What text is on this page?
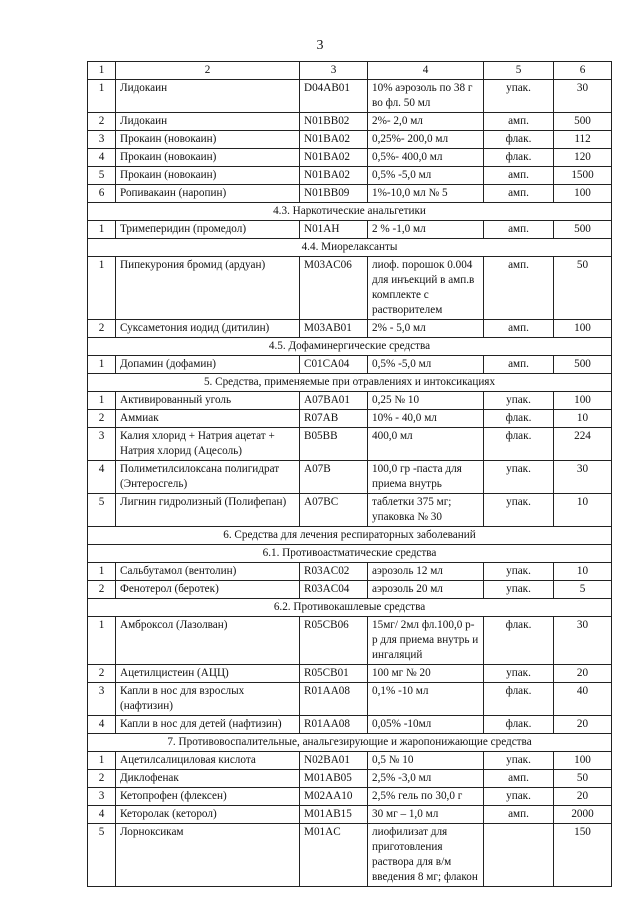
3
1	2	3	4	5	6
1	Лидокаин	D04AB01	10% аэрозоль по 38 г во фл. 50 мл	упак.	30
2	Лидокаин	N01BB02	2%- 2,0 мл	амп.	500
3	Прокаин (новокаин)	N01BA02	0,25%- 200,0 мл	флак.	112
4	Прокаин (новокаин)	N01BA02	0,5%- 400,0 мл	флак.	120
5	Прокаин (новокаин)	N01BA02	0,5% -5,0 мл	амп.	1500
6	Ропивакаин (наропин)	N01BB09	1%-10,0 мл № 5	амп.	100
4.3. Наркотические анальгетики					
1	Тримеперидин (промедол)	N01AH	2 % -1,0 мл	амп.	500
4.4. Миорелаксанты					
1	Пипекурония бромид (ардуан)	M03AC06	лиоф. порошок 0.004 для инъекций в амп.в комплекте с растворителем	амп.	50
2	Суксаметония иодид (дитилин)	M03AB01	2% - 5,0 мл	амп.	100
4.5. Дофаминергические средства					
1	Допамин (дофамин)	C01CA04	0,5% -5,0 мл	амп.	500
5. Средства, применяемые при отравлениях и интоксикациях					
1	Активированный уголь	A07BA01	0,25 № 10	упак.	100
2	Аммиак	R07AB	10% - 40,0 мл	флак.	10
3	Калия хлорид + Натрия ацетат + Натрия хлорид (Ацесоль)	B05BB	400,0 мл	флак.	224
4	Полиметилсилоксана полигидрат (Энтеросгель)	A07B	100,0 гр -паста для приема внутрь	упак.	30
5	Лигнин гидролизный (Полифепан)	A07BC	таблетки 375 мг; упаковка № 30	упак.	10
6. Средства для лечения респираторных заболеваний					
6.1. Противоастматические средства					
1	Сальбутамол (вентолин)	R03AC02	аэрозоль 12 мл	упак.	10
2	Фенотерол (беротек)	R03AC04	аэрозоль 20 мл	упак.	5
6.2. Противокашлевые средства					
1	Амброксол (Лазолван)	R05CB06	15мг/ 2мл фл.100,0 р-р для приема внутрь и ингаляций	флак.	30
2	Ацетилцистеин (АЦЦ)	R05CB01	100 мг № 20	упак.	20
3	Капли в нос для взрослых (нафтизин)	R01AA08	0,1% -10 мл	флак.	40
4	Капли в нос для детей (нафтизин)	R01AA08	0,05% -10мл	флак.	20
7. Противовоспалительные, анальгезирующие и жаропонижающие средства					
1	Ацетилсалициловая кислота	N02BA01	0,5 № 10	упак.	100
2	Диклофенак	M01AB05	2,5% -3,0 мл	амп.	50
3	Кетопрофен (флексен)	M02AA10	2,5% гель по 30,0 г	упак.	20
4	Кеторолак (кеторол)	M01AB15	30 мг – 1,0 мл	амп.	2000
5	Лорноксикам	M01AC	лиофилизат для приготовления раствора для в/м введения 8 мг; флакон		150
